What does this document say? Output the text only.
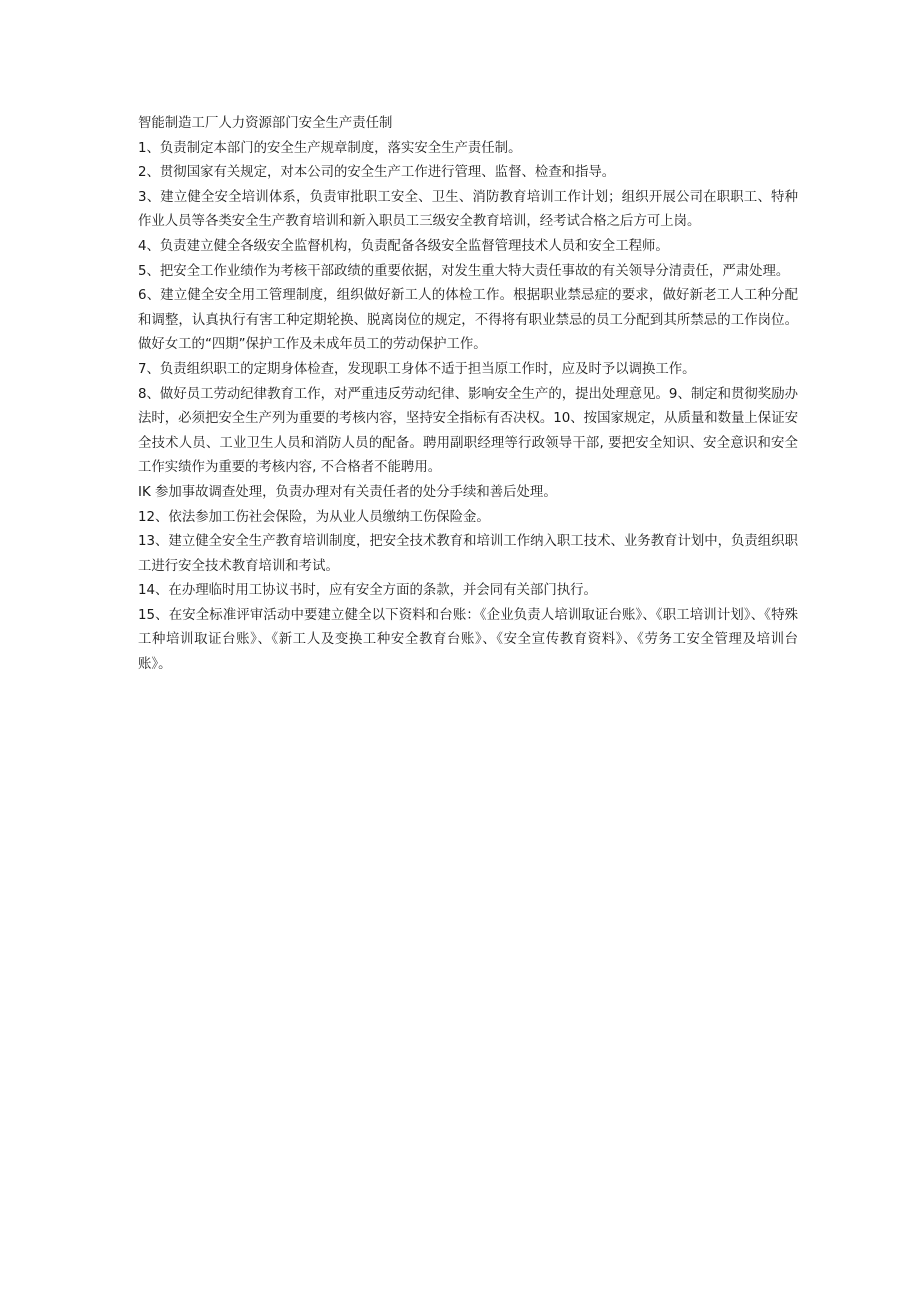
智能制造工厂人力资源部门安全生产责任制

1、负责制定本部门的安全生产规章制度，落实安全生产责任制。

2、贯彻国家有关规定，对本公司的安全生产工作进行管理、监督、检查和指导。

3、建立健全安全培训体系，负责审批职工安全、卫生、消防教育培训工作计划；组织开展公司在职职工、特种作业人员等各类安全生产教育培训和新入职员工三级安全教育培训，经考试合格之后方可上岗。

4、负责建立健全各级安全监督机构，负责配备各级安全监督管理技术人员和安全工程师。

5、把安全工作业绩作为考核干部政绩的重要依据，对发生重大特大责任事故的有关领导分清责任，严肃处理。

6、建立健全安全用工管理制度，组织做好新工人的体检工作。根据职业禁忌症的要求，做好新老工人工种分配和调整，认真执行有害工种定期轮换、脱离岗位的规定，不得将有职业禁忌的员工分配到其所禁忌的工作岗位。做好女工的“四期”保护工作及未成年员工的劳动保护工作。

7、负责组织职工的定期身体检查，发现职工身体不适于担当原工作时，应及时予以调换工作。

8、做好员工劳动纪律教育工作，对严重违反劳动纪律、影响安全生产的，提出处理意见。9、制定和贯彻奖励办法时，必须把安全生产列为重要的考核内容，坚持安全指标有否决权。10、按国家规定，从质量和数量上保证安全技术人员、工业卫生人员和消防人员的配备。聘用副职经理等行政领导干部, 要把安全知识、安全意识和安全工作实绩作为重要的考核内容, 不合格者不能聘用。

IK 参加事故调查处理，负责办理对有关责任者的处分手续和善后处理。

12、依法参加工伤社会保险，为从业人员缴纳工伤保险金。

13、建立健全安全生产教育培训制度，把安全技术教育和培训工作纳入职工技术、业务教育计划中，负责组织职工进行安全技术教育培训和考试。

14、在办理临时用工协议书时，应有安全方面的条款，并会同有关部门执行。

15、在安全标准评审活动中要建立健全以下资料和台账：《企业负责人培训取证台账》、《职工培训计划》、《特殊工种培训取证台账》、《新工人及变换工种安全教育台账》、《安全宣传教育资料》、《劳务工安全管理及培训台账》。
